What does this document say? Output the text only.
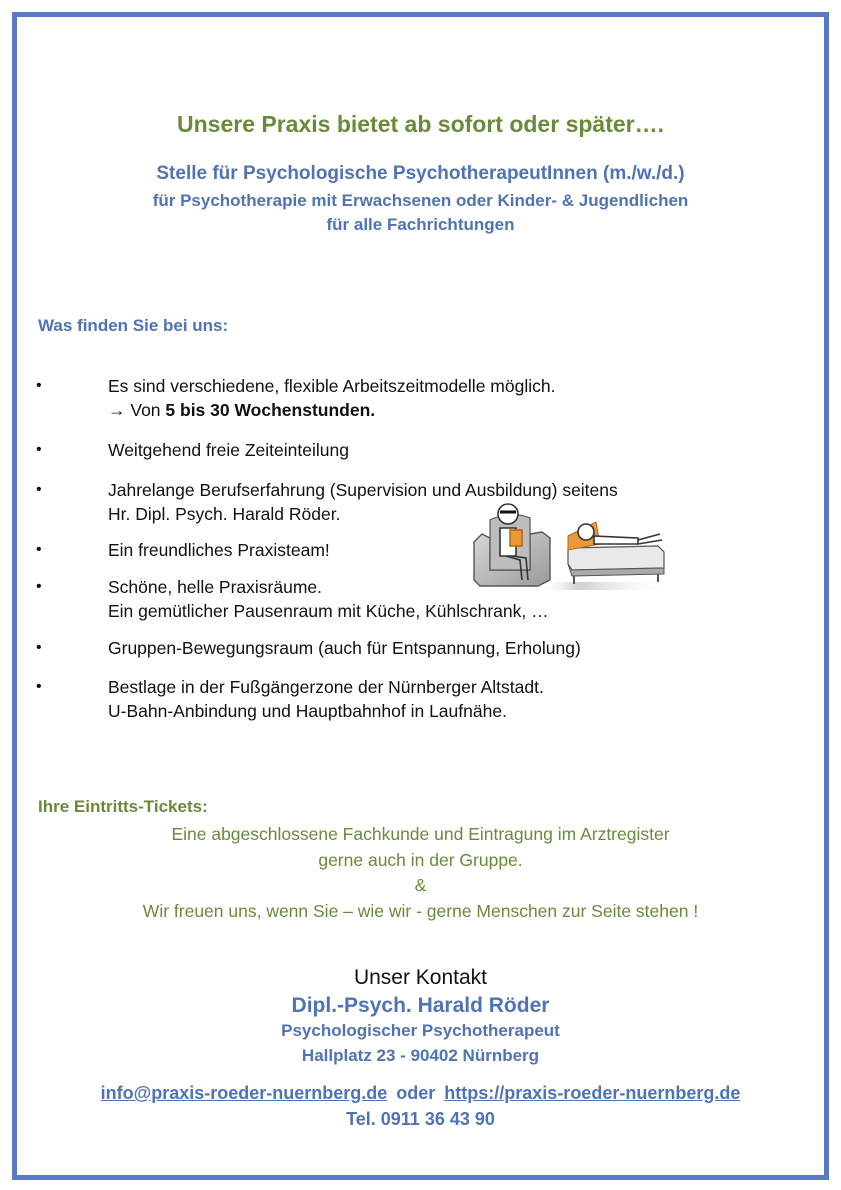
Unsere Praxis bietet ab sofort oder später….
Stelle für Psychologische PsychotherapeutInnen (m./w./d.)
für Psychotherapie mit Erwachsenen oder Kinder- & Jugendlichen
für alle Fachrichtungen
Was finden Sie bei uns:
•	Es sind verschiedene, flexible Arbeitszeitmodelle möglich.
→ Von 5 bis 30 Wochenstunden.
•	Weitgehend freie Zeiteinteilung
•	Jahrelange Berufserfahrung (Supervision und Ausbildung) seitens
Hr. Dipl. Psych. Harald Röder.
•	Ein freundliches Praxisteam!
•	Schöne, helle Praxisräume.
Ein gemütlicher Pausenraum mit Küche, Kühlschrank, …
•	Gruppen-Bewegungsraum (auch für Entspannung, Erholung)
•	Bestlage in der Fußgängerzone der Nürnberger Altstadt.
U-Bahn-Anbindung und Hauptbahnhof in Laufnähe.
Ihre Eintritts-Tickets:
Eine abgeschlossene Fachkunde und Eintragung im Arztregister
gerne auch in der Gruppe.
&
Wir freuen uns, wenn Sie – wie wir - gerne Menschen zur Seite stehen !
Unser Kontakt
Dipl.-Psych. Harald Röder
Psychologischer Psychotherapeut
Hallplatz 23 - 90402 Nürnberg
info@praxis-roeder-nuernberg.de oder https://praxis-roeder-nuernberg.de
Tel. 0911 36 43 90
